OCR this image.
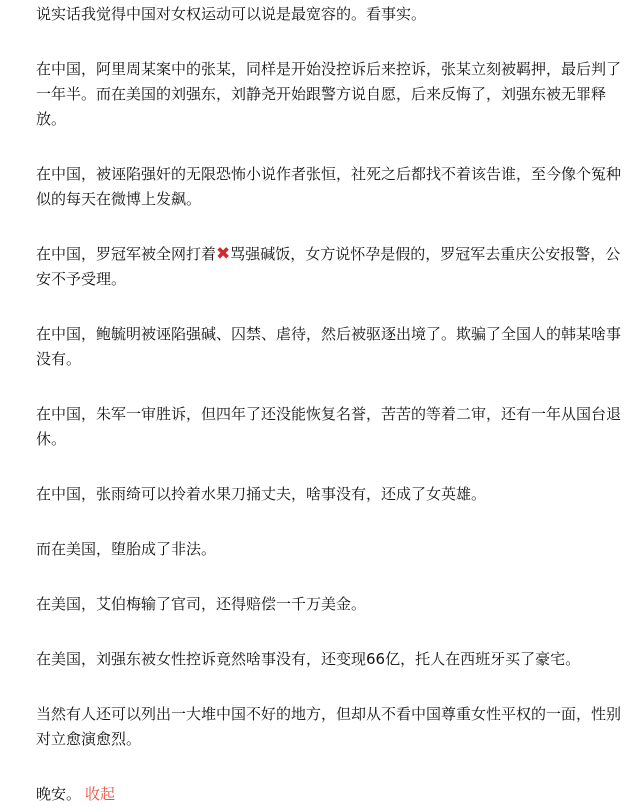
说实话我觉得中国对女权运动可以说是最宽容的。看事实。

在中国，阿里周某案中的张某，同样是开始没控诉后来控诉，张某立刻被羁押，最后判了一年半。而在美国的刘强东，刘静尧开始跟警方说自愿，后来反悔了，刘强东被无罪释放。

在中国，被诬陷强奸的无限恐怖小说作者张恒，社死之后都找不着该告谁，至今像个冤种似的每天在微博上发飙。

在中国，罗冠军被全网打着✖骂强碱饭，女方说怀孕是假的，罗冠军去重庆公安报警，公安不予受理。

在中国，鲍毓明被诬陷强碱、囚禁、虐待，然后被驱逐出境了。欺骗了全国人的韩某啥事没有。

在中国，朱军一审胜诉，但四年了还没能恢复名誉，苦苦的等着二审，还有一年从国台退休。

在中国，张雨绮可以拎着水果刀捅丈夫，啥事没有，还成了女英雄。

而在美国，堕胎成了非法。

在美国，艾伯梅输了官司，还得赔偿一千万美金。

在美国，刘强东被女性控诉竟然啥事没有，还变现66亿，托人在西班牙买了豪宅。

当然有人还可以列出一大堆中国不好的地方，但却从不看中国尊重女性平权的一面，性别对立愈演愈烈。

晚安。 收起
